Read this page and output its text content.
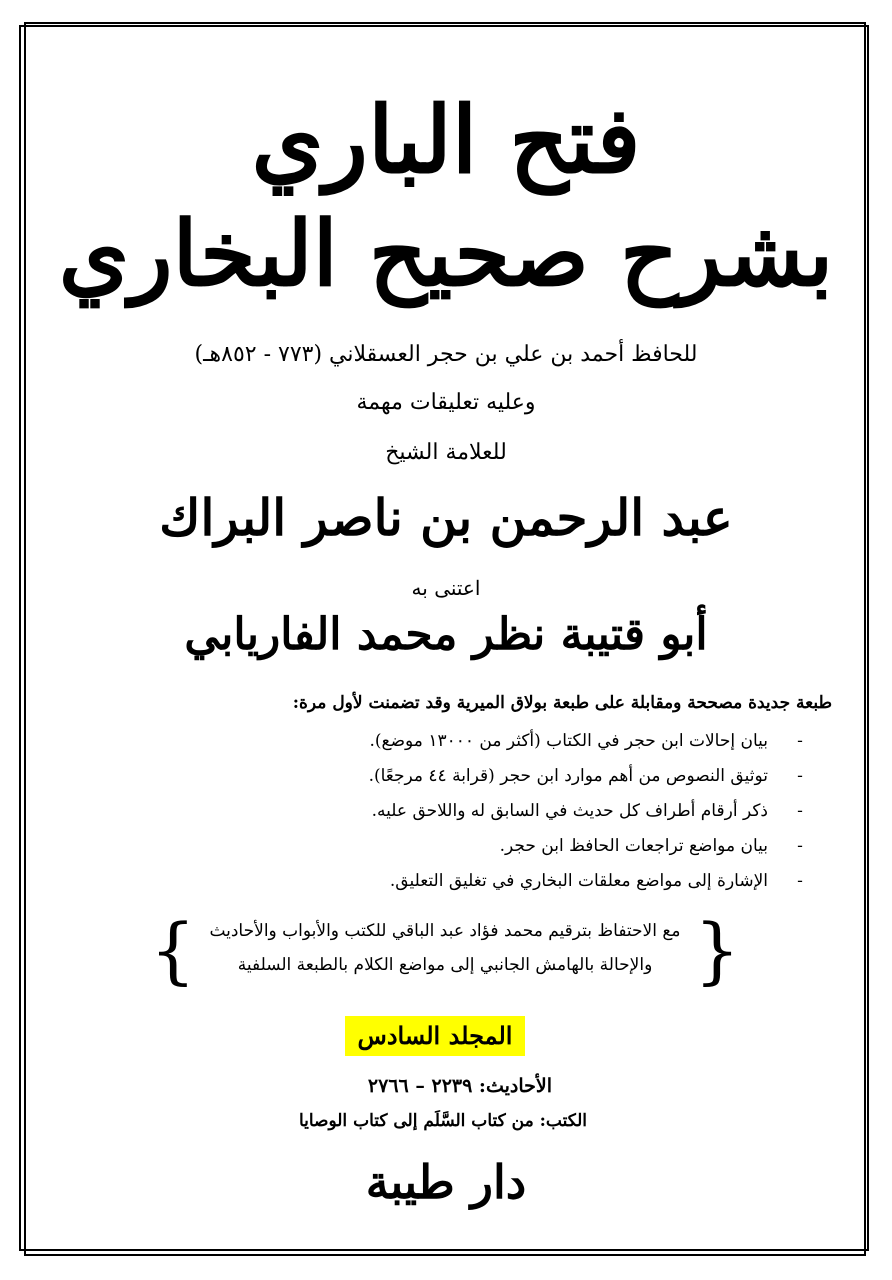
فتح الباري
بشرح صحيح البخاري
للحافظ أحمد بن علي بن حجر العسقلاني (٧٧٣ - ٨٥٢هـ)
وعليه تعليقات مهمة
للعلامة الشيخ
عبد الرحمن بن ناصر البراك
اعتنى به
أبو قتيبة نظر محمد الفاريابي
طبعة جديدة مصححة ومقابلة على طبعة بولاق الميرية وقد تضمنت لأول مرة:
-
بيان إحالات ابن حجر في الكتاب (أكثر من ١٣٠٠٠ موضع).
-
توثيق النصوص من أهم موارد ابن حجر (قرابة ٤٤ مرجعًا).
-
ذكر أرقام أطراف كل حديث في السابق له واللاحق عليه.
-
بيان مواضع تراجعات الحافظ ابن حجر.
-
الإشارة إلى مواضع معلقات البخاري في تغليق التعليق.
{ مع الاحتفاظ بترقيم محمد فؤاد عبد الباقي للكتب والأبواب والأحاديث
والإحالة بالهامش الجانبي إلى مواضع الكلام بالطبعة السلفية }
المجلد السادس
الأحاديث: ٢٢٣٩ – ٢٧٦٦
الكتب: من كتاب السَّلَم إلى كتاب الوصايا
دار طيبة
